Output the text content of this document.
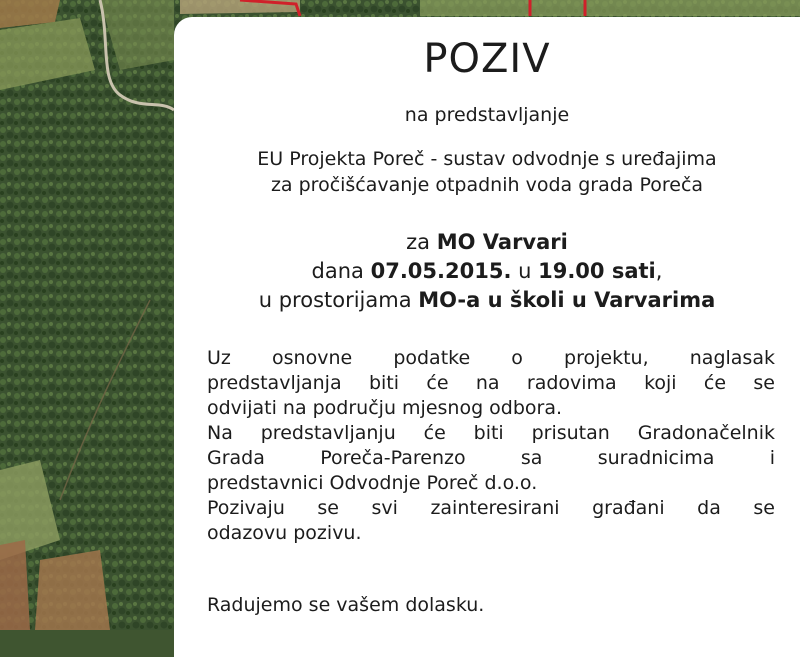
POZIV
na predstavljanje
EU Projekta Poreč - sustav odvodnje s uređajima
za pročišćavanje otpadnih voda grada Poreča
za MO Varvari
dana 07.05.2015. u 19.00 sati,
u prostorijama MO-a u školi u Varvarima
Uz osnovne podatke o projektu, naglasak
predstavljanja biti će na radovima koji će se
odvijati na području mjesnog odbora.
Na predstavljanju će biti prisutan Gradonačelnik
Grada	Poreča-Parenzo	sa	suradnicima	i
predstavnici Odvodnje Poreč d.o.o.
Pozivaju se svi zainteresirani građani da se
odazovu pozivu.
Radujemo se vašem dolasku.
